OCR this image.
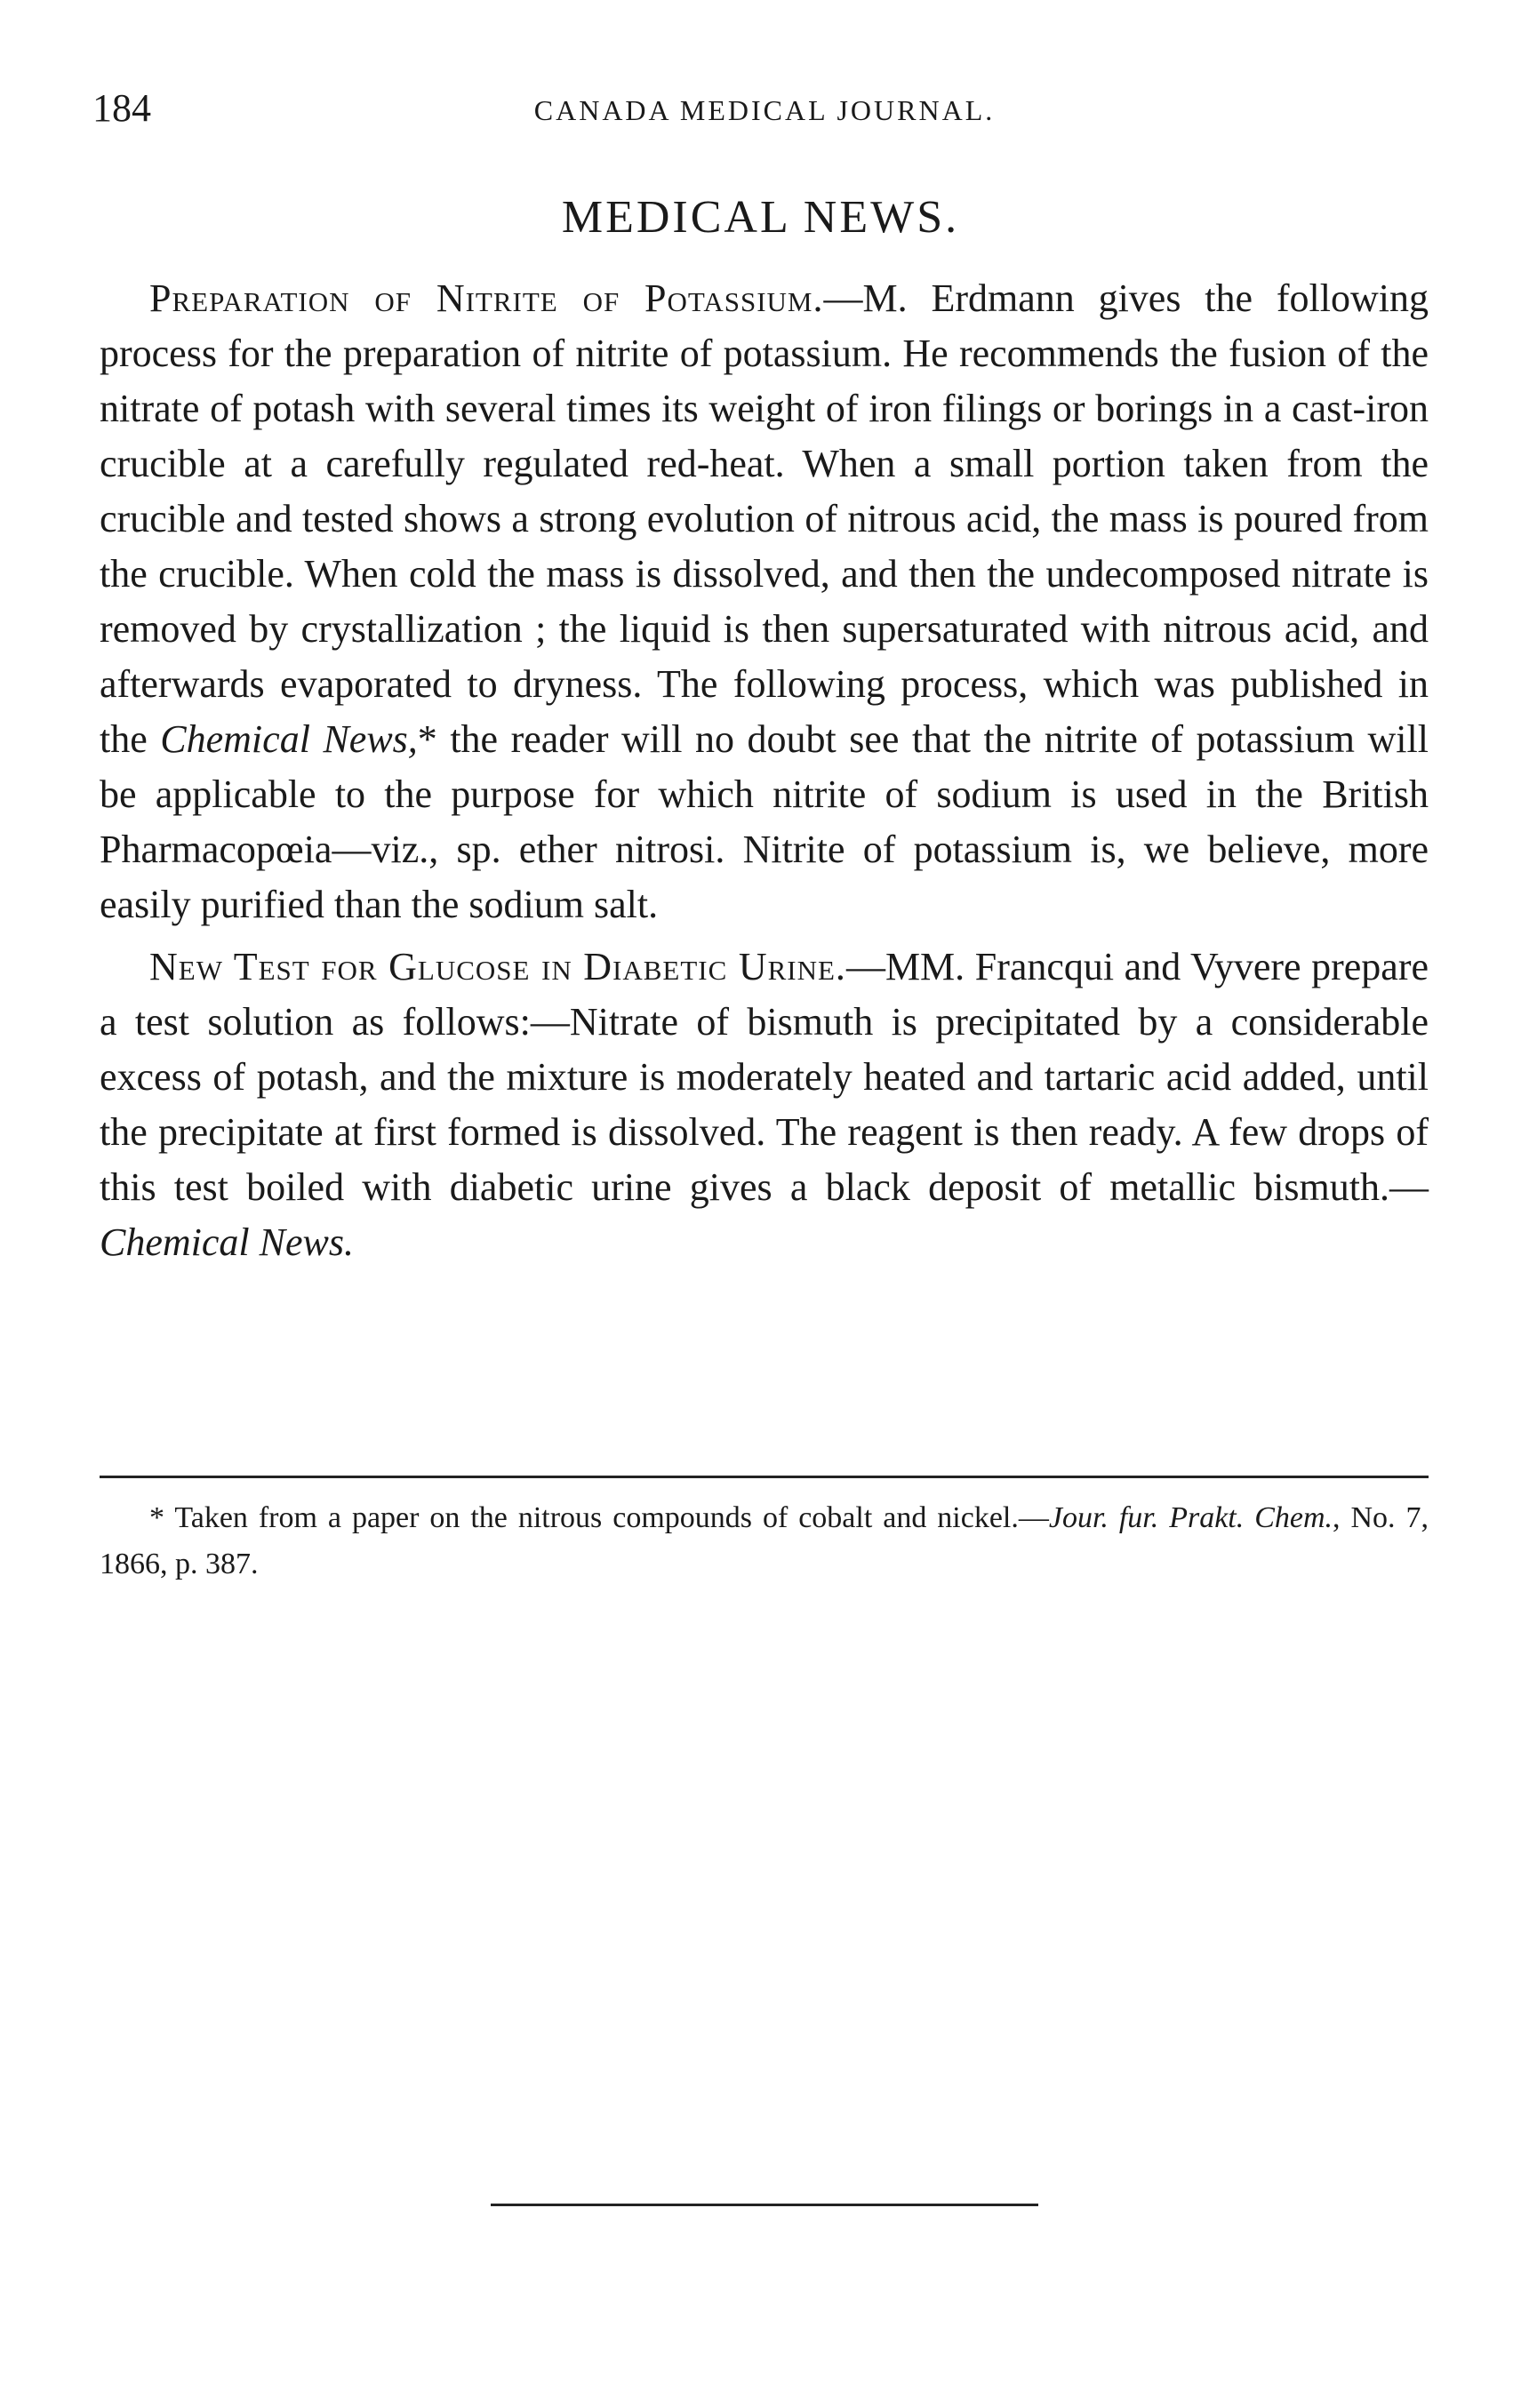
184	CANADA MEDICAL JOURNAL.
MEDICAL NEWS.

Preparation of Nitrite of Potassium.—M. Erdmann gives the following process for the preparation of nitrite of potassium. He recommends the fusion of the nitrate of potash with several times its weight of iron filings or borings in a cast-iron crucible at a carefully regulated red-heat. When a small portion taken from the crucible and tested shows a strong evolution of nitrous acid, the mass is poured from the crucible. When cold the mass is dissolved, and then the undecomposed nitrate is removed by crystallization ; the liquid is then supersaturated with nitrous acid, and afterwards evaporated to dryness. The following process, which was published in the Chemical News,* the reader will no doubt see that the nitrite of potassium will be applicable to the purpose for which nitrite of sodium is used in the British Pharmacopœia—viz., sp. ether nitrosi. Nitrite of potassium is, we believe, more easily purified than the sodium salt.

New Test for Glucose in Diabetic Urine.—MM. Francqui and Vyvere prepare a test solution as follows:—Nitrate of bismuth is precipitated by a considerable excess of potash, and the mixture is moderately heated and tartaric acid added, until the precipitate at first formed is dissolved. The reagent is then ready. A few drops of this test boiled with diabetic urine gives a black deposit of metallic bismuth.—Chemical News.

* Taken from a paper on the nitrous compounds of cobalt and nickel.—Jour. fur. Prakt. Chem., No. 7, 1866, p. 387.
